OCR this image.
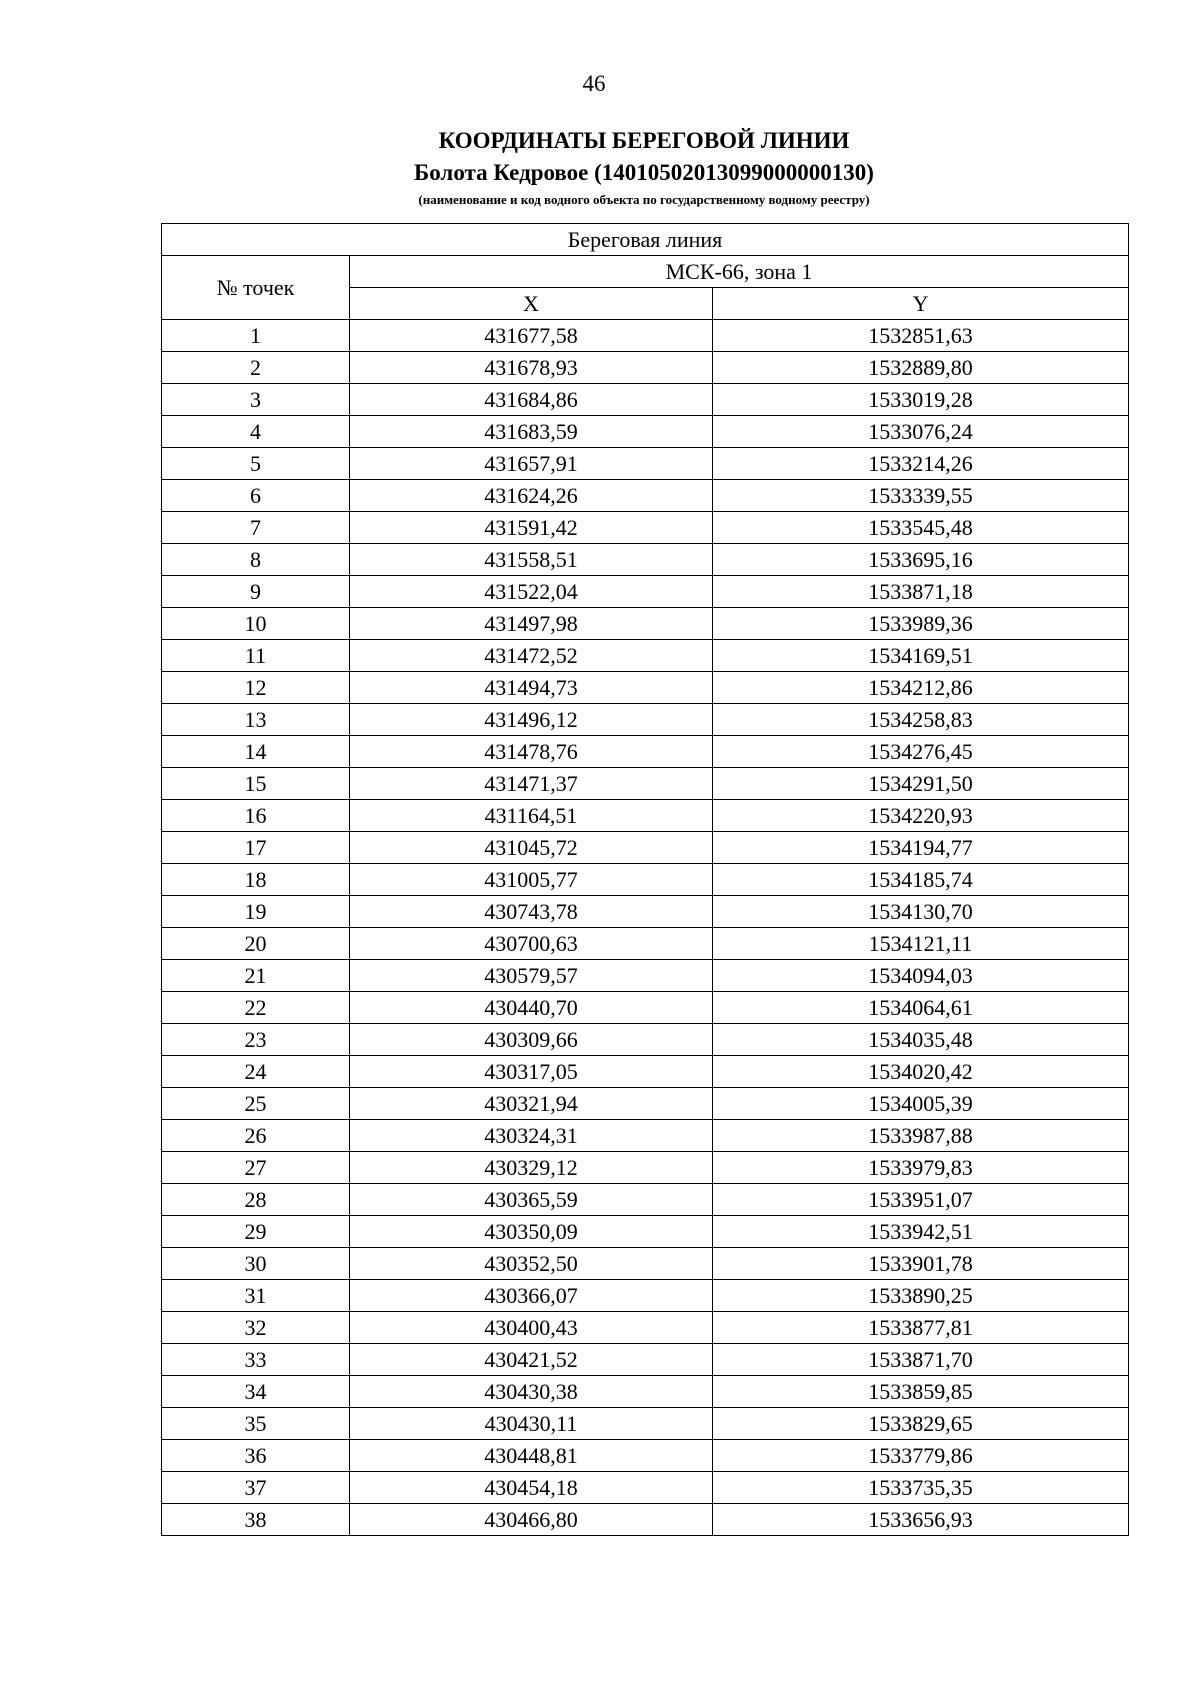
46
КООРДИНАТЫ БЕРЕГОВОЙ ЛИНИИ
Болота Кедровое (14010502013099000000130)
(наименование и код водного объекта по государственному водному реестру)
Береговая линия		
№ точек	МСК-66, зона 1	
	X	Y
1	431677,58	1532851,63
2	431678,93	1532889,80
3	431684,86	1533019,28
4	431683,59	1533076,24
5	431657,91	1533214,26
6	431624,26	1533339,55
7	431591,42	1533545,48
8	431558,51	1533695,16
9	431522,04	1533871,18
10	431497,98	1533989,36
11	431472,52	1534169,51
12	431494,73	1534212,86
13	431496,12	1534258,83
14	431478,76	1534276,45
15	431471,37	1534291,50
16	431164,51	1534220,93
17	431045,72	1534194,77
18	431005,77	1534185,74
19	430743,78	1534130,70
20	430700,63	1534121,11
21	430579,57	1534094,03
22	430440,70	1534064,61
23	430309,66	1534035,48
24	430317,05	1534020,42
25	430321,94	1534005,39
26	430324,31	1533987,88
27	430329,12	1533979,83
28	430365,59	1533951,07
29	430350,09	1533942,51
30	430352,50	1533901,78
31	430366,07	1533890,25
32	430400,43	1533877,81
33	430421,52	1533871,70
34	430430,38	1533859,85
35	430430,11	1533829,65
36	430448,81	1533779,86
37	430454,18	1533735,35
38	430466,80	1533656,93
